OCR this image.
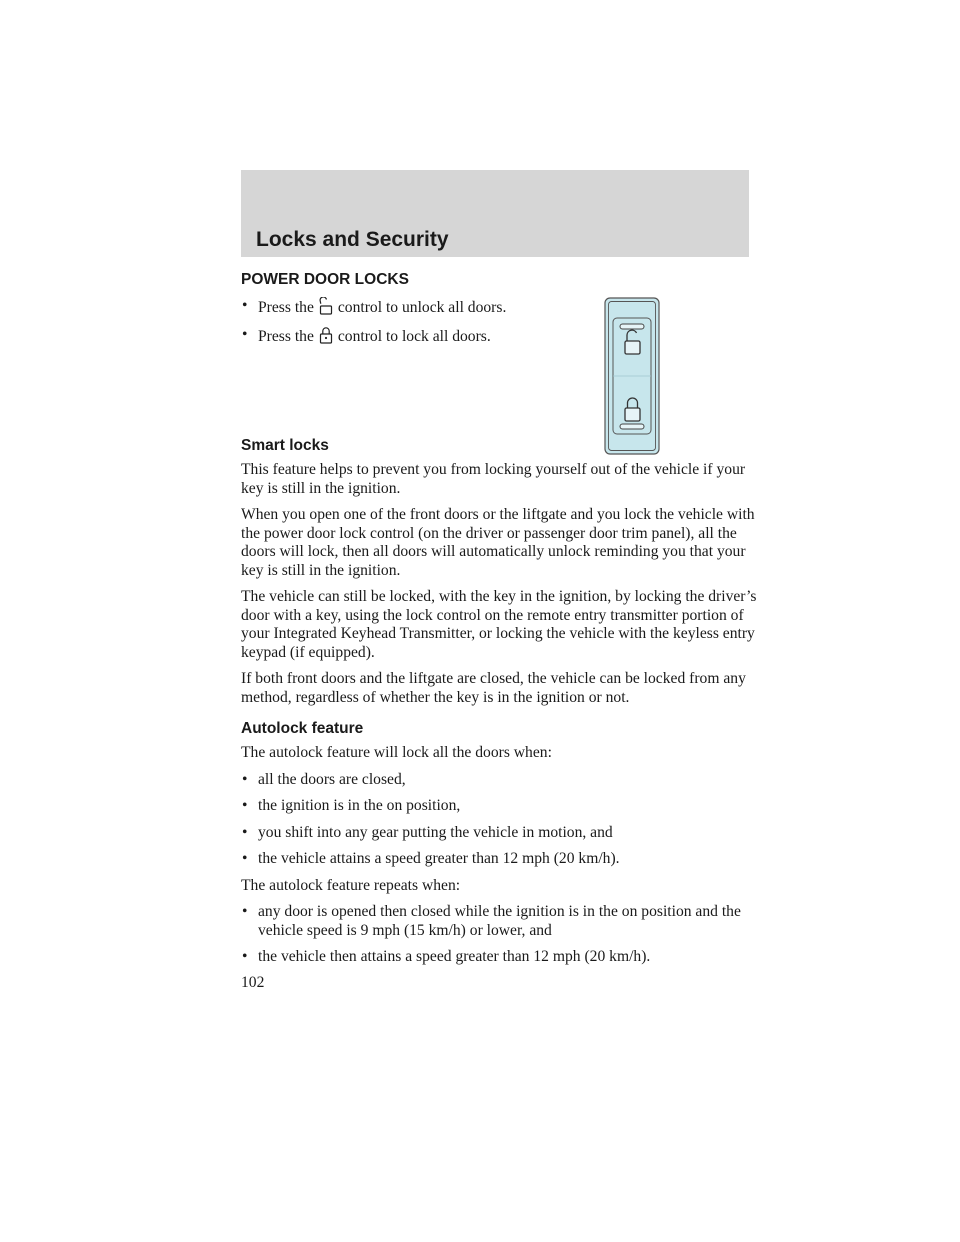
Locks and Security
POWER DOOR LOCKS
• Press the control to unlock all doors.
• Press the control to lock all doors.
Smart locks

This feature helps to prevent you from locking yourself out of the vehicle if your key is still in the ignition.

When you open one of the front doors or the liftgate and you lock the vehicle with the power door lock control (on the driver or passenger door trim panel), all the doors will lock, then all doors will automatically unlock reminding you that your key is still in the ignition.

The vehicle can still be locked, with the key in the ignition, by locking the driver’s door with a key, using the lock control on the remote entry transmitter portion of your Integrated Keyhead Transmitter, or locking the vehicle with the keyless entry keypad (if equipped).

If both front doors and the liftgate are closed, the vehicle can be locked from any method, regardless of whether the key is in the ignition or not.

Autolock feature

The autolock feature will lock all the doors when:

• all the doors are closed,
• the ignition is in the on position,
• you shift into any gear putting the vehicle in motion, and
• the vehicle attains a speed greater than 12 mph (20 km/h).

The autolock feature repeats when:

• any door is opened then closed while the ignition is in the on position and the vehicle speed is 9 mph (15 km/h) or lower, and
• the vehicle then attains a speed greater than 12 mph (20 km/h).
102
